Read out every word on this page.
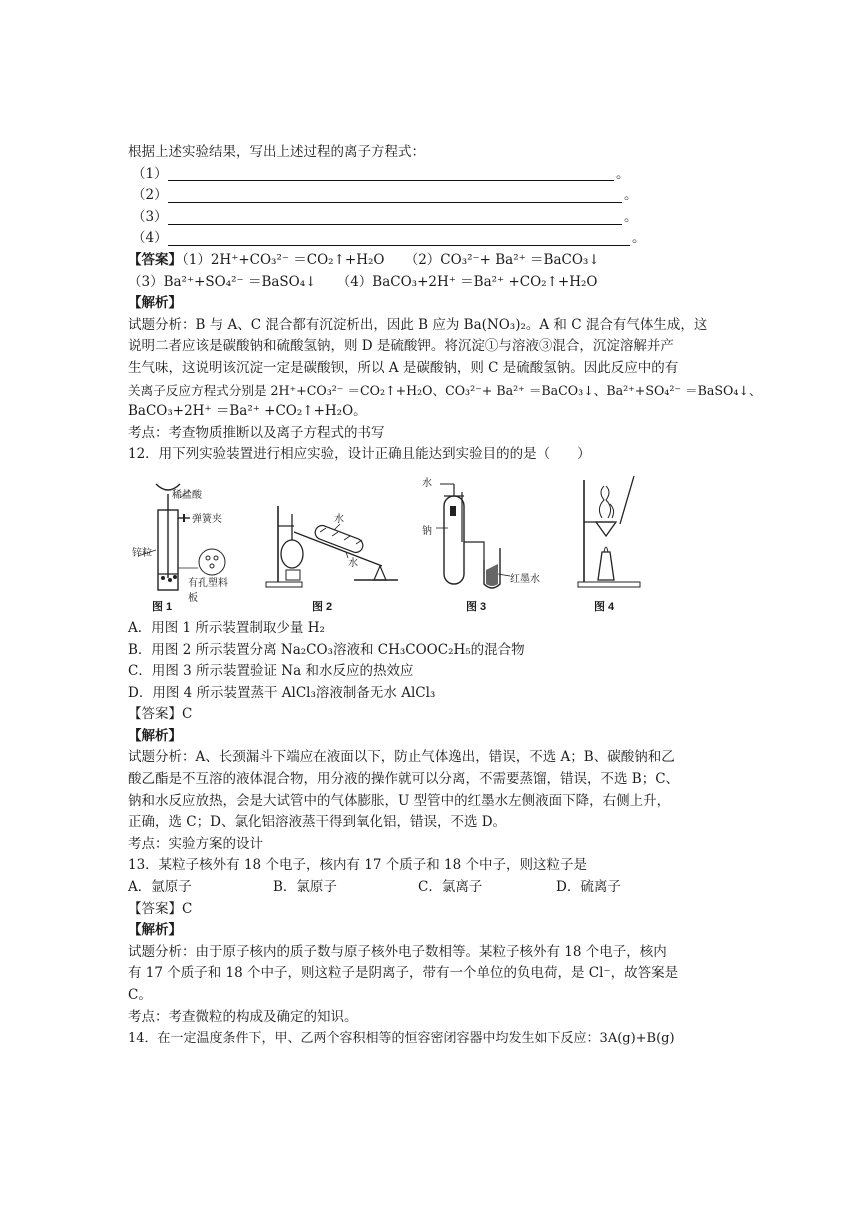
根据上述实验结果，写出上述过程的离子方程式：
（1）	。
（2）	。
（3）	。
（4）	。
【答案】（1）2H⁺+CO₃²⁻ ＝CO₂↑+H₂O　　（2）CO₃²⁻+ Ba²⁺ ＝BaCO₃↓
（3）Ba²⁺+SO₄²⁻ ＝BaSO₄↓　　（4）BaCO₃+2H⁺ ＝Ba²⁺ +CO₂↑+H₂O
【解析】
试题分析：B 与 A、C 混合都有沉淀析出，因此 B 应为 Ba(NO₃)₂。A 和 C 混合有气体生成，这
说明二者应该是碳酸钠和硫酸氢钠，则 D 是硫酸钾。将沉淀①与溶液③混合，沉淀溶解并产
生气味，这说明该沉淀一定是碳酸钡，所以 A 是碳酸钠，则 C 是硫酸氢钠。因此反应中的有
关离子反应方程式分别是 2H⁺+CO₃²⁻ ＝CO₂↑+H₂O、CO₃²⁻+ Ba²⁺ ＝BaCO₃↓、Ba²⁺+SO₄²⁻ ＝BaSO₄↓、
BaCO₃+2H⁺ ＝Ba²⁺ +CO₂↑+H₂O。
考点：考查物质推断以及离子方程式的书写
12．用下列实验装置进行相应实验，设计正确且能达到实验目的的是（　　）
稀盐酸
弹簧夹
锌粒
有孔塑料板
图 1
水
水
图 2
水
钠
红墨水
图 3	图 4
A．用图 1 所示装置制取少量 H₂
B．用图 2 所示装置分离 Na₂CO₃溶液和 CH₃COOC₂H₅的混合物
C．用图 3 所示装置验证 Na 和水反应的热效应
D．用图 4 所示装置蒸干 AlCl₃溶液制备无水 AlCl₃
【答案】C
【解析】
试题分析：A、长颈漏斗下端应在液面以下，防止气体逸出，错误，不选 A；B、碳酸钠和乙
酸乙酯是不互溶的液体混合物，用分液的操作就可以分离，不需要蒸馏，错误，不选 B；C、
钠和水反应放热，会是大试管中的气体膨胀，U 型管中的红墨水左侧液面下降，右侧上升，
正确，选 C；D、氯化铝溶液蒸干得到氧化铝，错误，不选 D。
考点：实验方案的设计
13．某粒子核外有 18 个电子，核内有 17 个质子和 18 个中子，则这粒子是
A．氩原子	B．氯原子	C．氯离子	D．硫离子
【答案】C
【解析】
试题分析：由于原子核内的质子数与原子核外电子数相等。某粒子核外有 18 个电子，核内
有 17 个质子和 18 个中子，则这粒子是阴离子，带有一个单位的负电荷，是 Cl⁻，故答案是
C。
考点：考查微粒的构成及确定的知识。
14．在一定温度条件下，甲、乙两个容积相等的恒容密闭容器中均发生如下反应：3A(g)+B(g)
